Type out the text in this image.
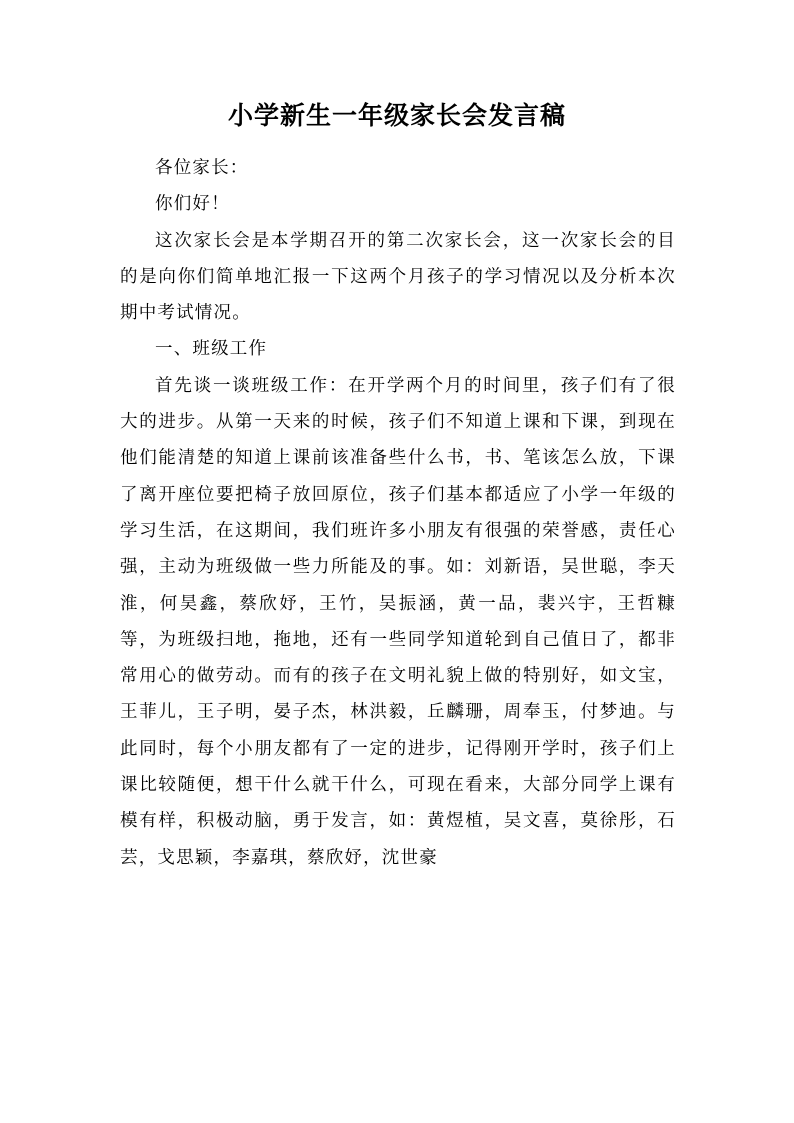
小学新生一年级家长会发言稿

各位家长：

你们好！

这次家长会是本学期召开的第二次家长会，这一次家长会的目的是向你们简单地汇报一下这两个月孩子的学习情况以及分析本次期中考试情况。

一、班级工作

首先谈一谈班级工作：在开学两个月的时间里，孩子们有了很大的进步。从第一天来的时候，孩子们不知道上课和下课，到现在他们能清楚的知道上课前该准备些什么书，书、笔该怎么放，下课了离开座位要把椅子放回原位，孩子们基本都适应了小学一年级的学习生活，在这期间，我们班许多小朋友有很强的荣誉感，责任心强，主动为班级做一些力所能及的事。如：刘新语，吴世聪，李天淮，何昊鑫，蔡欣妤，王竹，吴振涵，黄一品，裴兴宇，王哲糠等，为班级扫地，拖地，还有一些同学知道轮到自己值日了，都非常用心的做劳动。而有的孩子在文明礼貌上做的特别好，如文宝，王菲儿，王子明，晏子杰，林洪毅，丘麟珊，周奉玉，付梦迪。与此同时，每个小朋友都有了一定的进步，记得刚开学时，孩子们上课比较随便，想干什么就干什么，可现在看来，大部分同学上课有模有样，积极动脑，勇于发言，如：黄煜植，吴文喜，莫徐彤，石芸，戈思颖，李嘉琪，蔡欣妤，沈世豪
